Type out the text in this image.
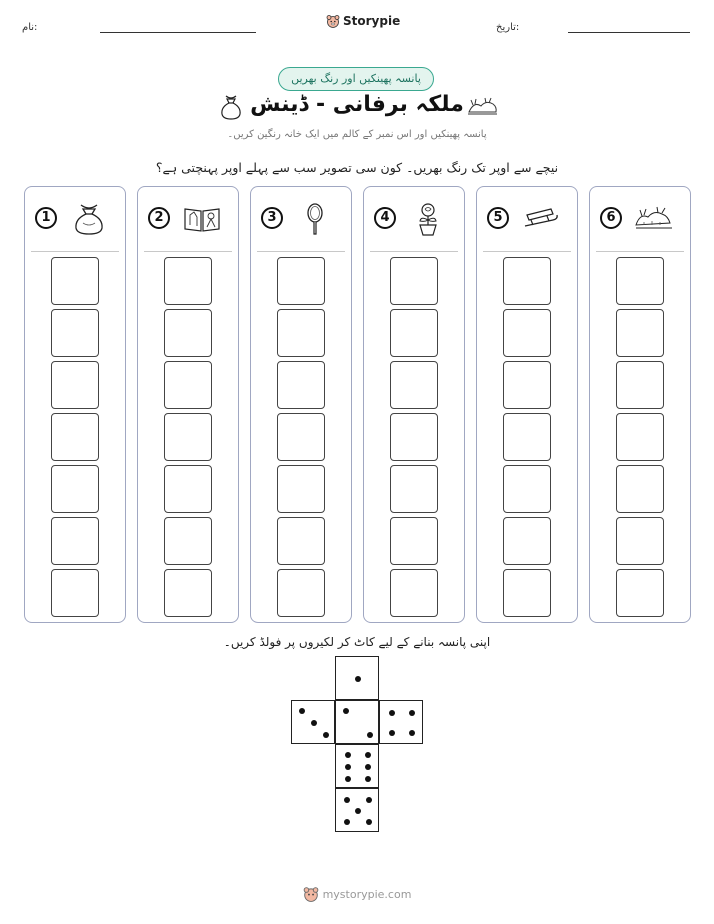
نام:	Storypie	تاریخ:
پانسہ پھینکیں اور رنگ بھریں
ملکہ برفانی - ڈینش
پانسہ پھینکیں اور اس نمبر کے کالم میں ایک خانہ رنگین کریں۔
نیچے سے اوپر تک رنگ بھریں۔ کون سی تصویر سب سے پہلے اوپر پہنچتی ہے؟
1	2	3	4	5	6
اپنی پانسہ بنانے کے لیے کاٹ کر لکیروں پر فولڈ کریں۔
mystorypie.com
